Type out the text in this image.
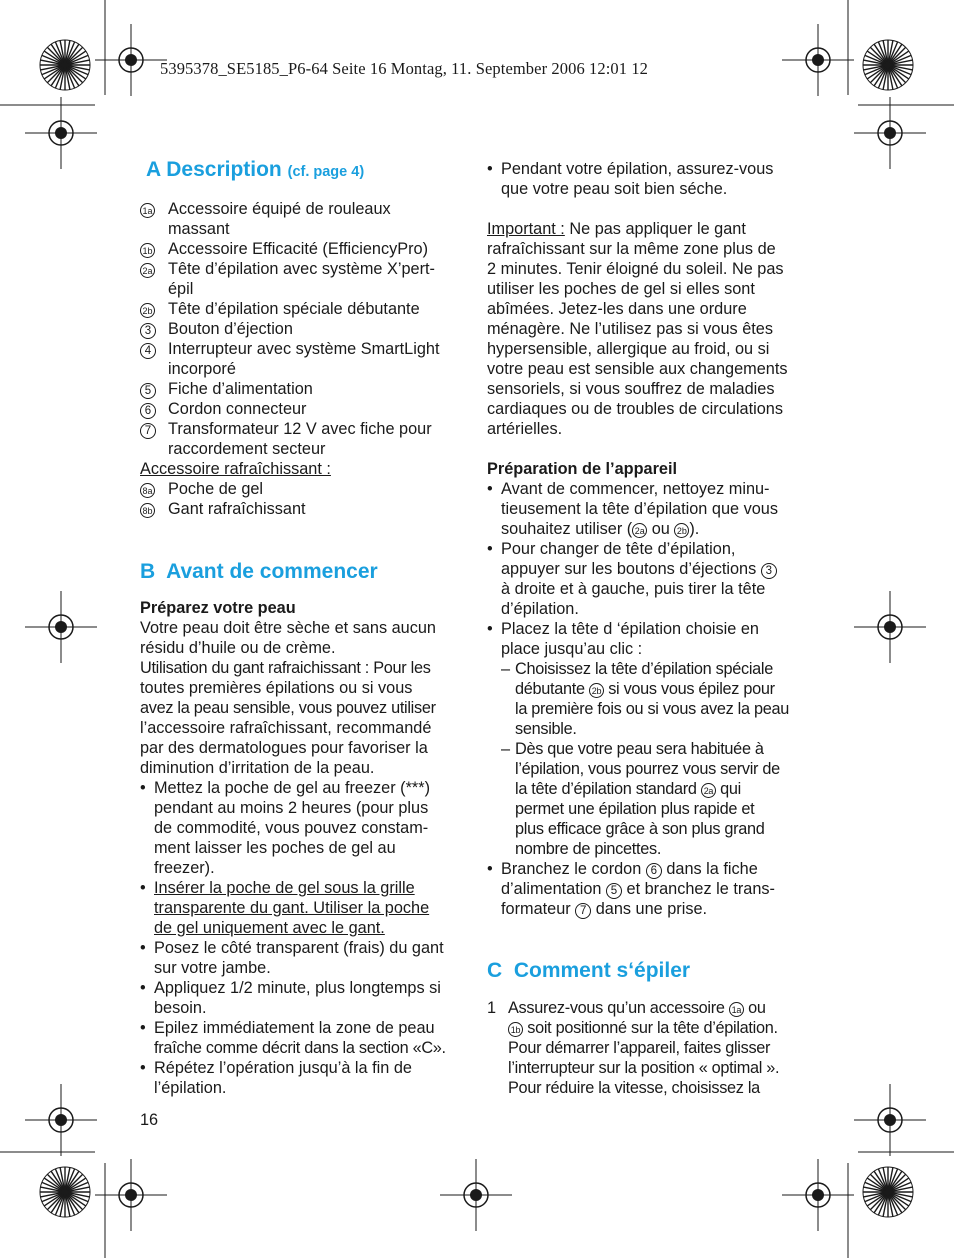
5395378_SE5185_P6-64 Seite 16 Montag, 11. September 2006 12:01 12
A Description (cf. page 4)
1a Accessoire équipé de rouleaux
massant
1b Accessoire Efficacité (EfficiencyPro)
2a Tête d’épilation avec système X’pert-
épil
2b Tête d’épilation spéciale débutante
3	Bouton d’éjection
4	Interrupteur avec système SmartLight
incorporé
5	Fiche d’alimentation
6	Cordon connecteur
7	Transformateur 12 V avec fiche pour
raccordement secteur
Accessoire rafraîchissant :
8a Poche de gel
8b Gant rafraîchissant
B Avant de commencer
Préparez votre peau
Votre peau doit être sèche et sans aucun
résidu d’huile ou de crème.
Utilisation du gant rafraichissant : Pour les
toutes premières épilations ou si vous
avez la peau sensible, vous pouvez utiliser
l’accessoire rafraîchissant, recommandé
par des dermatologues pour favoriser la
diminution d’irritation de la peau.
• Mettez la poche de gel au freezer (***)
pendant au moins 2 heures (pour plus
de commodité, vous pouvez constam-
ment laisser les poches de gel au
freezer).
• Insérer la poche de gel sous la grille
transparente du gant. Utiliser la poche
de gel uniquement avec le gant.
• Posez le côté transparent (frais) du gant
sur votre jambe.
• Appliquez 1/2 minute, plus longtemps si
besoin.
• Epilez immédiatement la zone de peau
fraîche comme décrit dans la section «C».
• Répétez l’opération jusqu’à la fin de
l’épilation.
16
• Pendant votre épilation, assurez-vous
que votre peau soit bien séche.
Important : Ne pas appliquer le gant
rafraîchissant sur la même zone plus de
2 minutes. Tenir éloigné du soleil. Ne pas
utiliser les poches de gel si elles sont
abîmées. Jetez-les dans une ordure
ménagère. Ne l’utilisez pas si vous êtes
hypersensible, allergique au froid, ou si
votre peau est sensible aux changements
sensoriels, si vous souffrez de maladies
cardiaques ou de troubles de circulations
artérielles.
Préparation de l’appareil
• Avant de commencer, nettoyez minu-
tieusement la tête d’épilation que vous
souhaitez utiliser ( 2a ou 2b ).
• Pour changer de tête d’épilation,
appuyer sur les boutons d’éjections 3
à droite et à gauche, puis tirer la tête
d’épilation.
• Placez la tête d ‘épilation choisie en
place jusqu’au clic :
– Choisissez la tête d’épilation spéciale
débutante 2b si vous vous épilez pour
la première fois ou si vous avez la peau
sensible.
– Dès que votre peau sera habituée à
l’épilation, vous pourrez vous servir de
la tête d’épilation standard 2a qui
permet une épilation plus rapide et
plus efficace grâce à son plus grand
nombre de pincettes.
• Branchez le cordon 6 dans la fiche
d’alimentation 5 et branchez le trans-
formateur 7 dans une prise.
C Comment s‘épiler
1 Assurez-vous qu’un accessoire 1a ou
1b soit positionné sur la tête d’épilation.
Pour démarrer l’appareil, faites glisser
l’interrupteur sur la position « optimal ».
Pour réduire la vitesse, choisissez la
